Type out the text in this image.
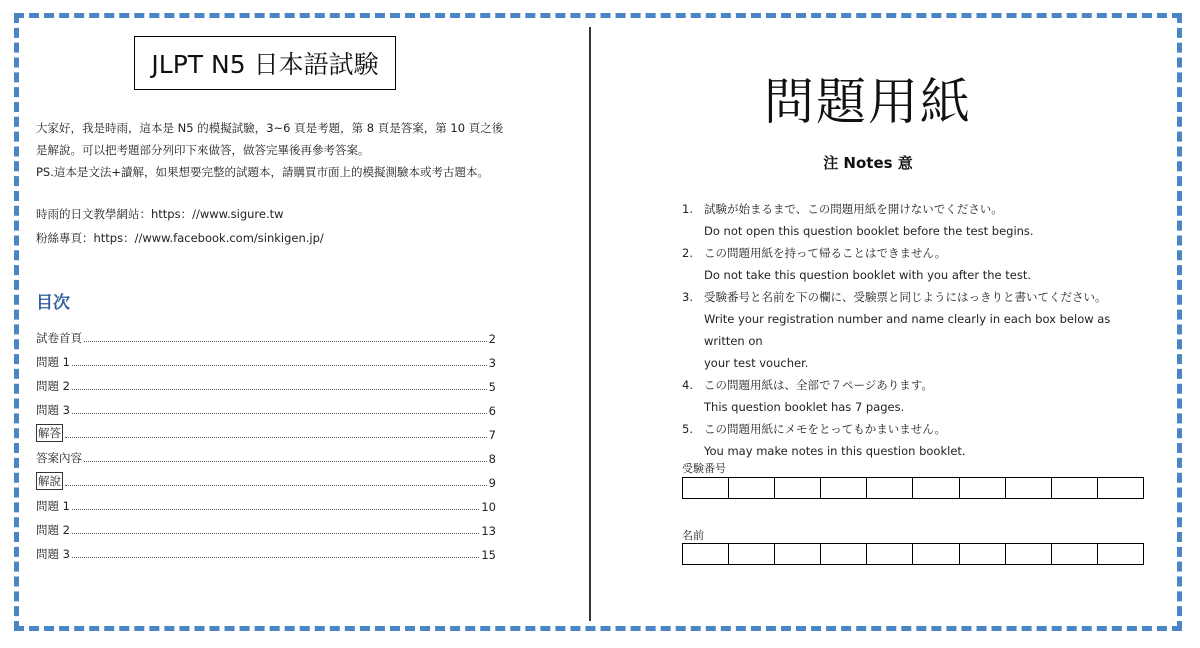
JLPT N5 日本語試験

大家好，我是時雨，這本是 N5 的模擬試驗，3~6 頁是考題，第 8 頁是答案，第 10 頁之後

是解說。可以把考題部分列印下來做答，做答完畢後再參考答案。

PS.這本是文法+讀解，如果想要完整的試題本，請購買市面上的模擬測驗本或考古題本。

時雨的日文教學網站：https：//www.sigure.tw

粉絲專頁：https：//www.facebook.com/sinkigen.jp/

目次
試卷首頁	2
問題 1	3
問題 2	5
問題 3	6
解答	7
答案內容	8
解說	9
問題 1	10
問題 2	13
問題 3	15
問題用紙
注 Notes 意
1. 試験が始まるまで、この問題用紙を開けないでください。
Do not open this question booklet before the test begins.
2. この問題用紙を持って帰ることはできません。
Do not take this question booklet with you after the test.
3. 受験番号と名前を下の欄に、受験票と同じようにはっきりと書いてください。
Write your registration number and name clearly in each box below as written on
your test voucher.
4. この問題用紙は、全部で７ページあります。
This question booklet has 7 pages.
5. この問題用紙にメモをとってもかまいません。
You may make notes in this question booklet.
受験番号
名前
